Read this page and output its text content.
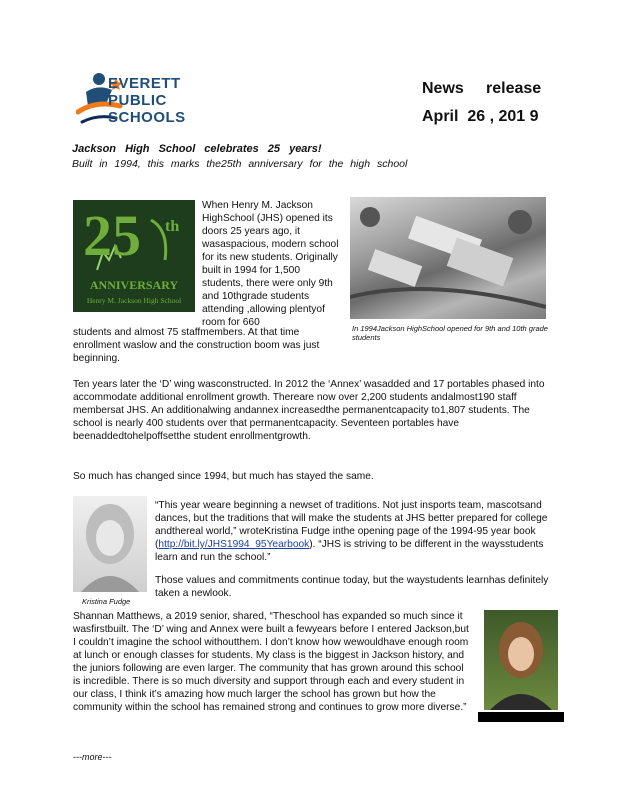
EVERETT
PUBLIC
SCHOOLS
News     release
April  26 , 201 9
Jackson High School celebrates 25 years!
Built in 1994, this marks the25th anniversary for the high school
25 th
ANNIVERSARY
Henry M. Jackson High School
When Henry M. Jackson HighSchool (JHS) opened its doors 25 years ago, it wasaspacious, modern school for its new students. Originally built in 1994 for 1,500 students, there were only 9th and 10thgrade students attending ,allowing plentyof room for 660
students and almost 75 staffmembers. At that time enrollment waslow and the construction boom was just beginning.
In 1994Jackson HighSchool opened for 9th and 10th grade students
Ten years later the ‘D’ wing wasconstructed. In 2012 the ‘Annex’ wasadded and 17 portables phased into accommodate additional enrollment growth. Thereare now over 2,200 students andalmost190 staff membersat JHS. An additionalwing andannex increasedthe permanentcapacity to1,807 students. The school is nearly 400 students over that permanentcapacity. Seventeen portables have beenaddedtohelpoffsetthe student enrollmentgrowth.
So much has changed since 1994, but much has stayed the same.
Kristina Fudge
“This year weare beginning a newset of traditions. Not just insports team, mascotsand dances, but the traditions that will make the students at JHS better prepared for college andthereal world,” wroteKristina Fudge inthe opening page of the 1994-95 year book (http://bit.ly/JHS1994_95Yearbook). “JHS is striving to be different in the waysstudents learn and run the school.”
Those values and commitments continue today, but the waystudents learnhas definitely taken a newlook.
Shannan Matthews, a 2019 senior, shared, “Theschool has expanded so much since it wasfirstbuilt. The ‘D’ wing and Annex were built a fewyears before I entered Jackson,but I couldn’t imagine the school withoutthem. I don’t know how wewouldhave enough room at lunch or enough classes for students. My class is the biggest in Jackson history, and the juniors following are even larger. The community that has grown around this school is incredible. There is so much diversity and support through each and every student in our class, I think it’s amazing how much larger the school has grown but how the community within the school has remained strong and continues to grow more diverse.”
---more---
